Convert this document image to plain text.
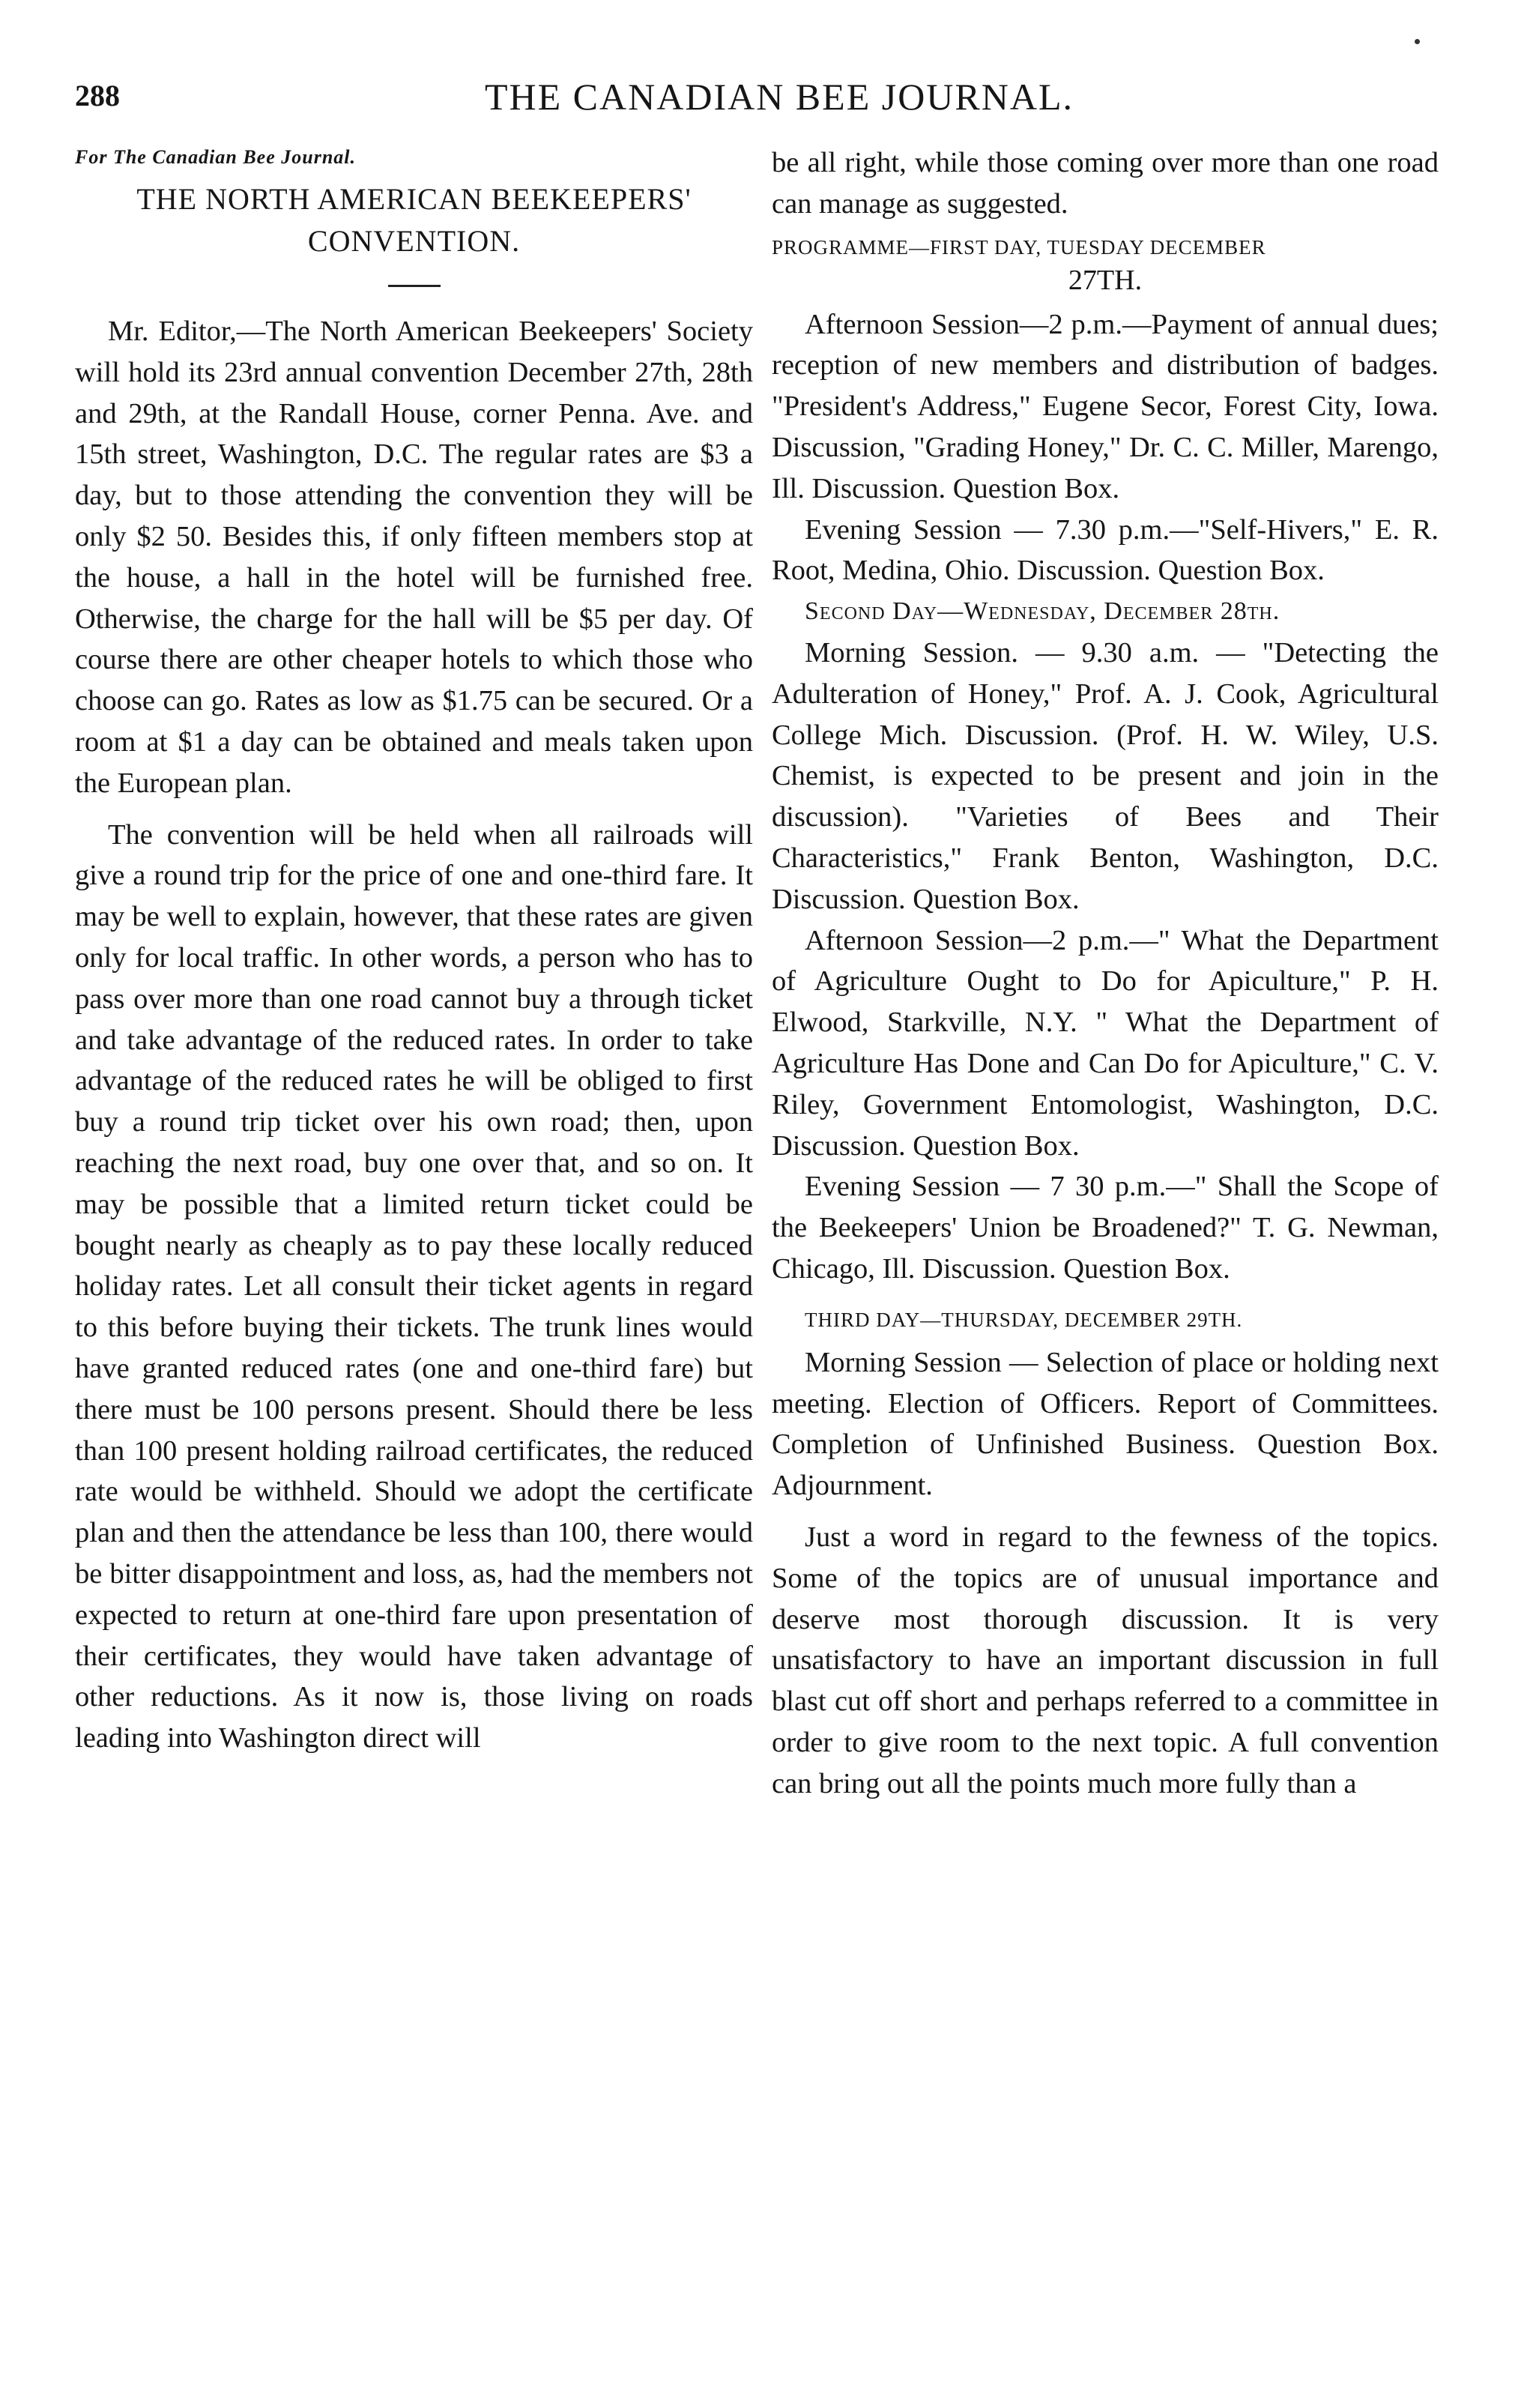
288	THE CANADIAN BEE JOURNAL.

For The Canadian Bee Journal.

THE NORTH AMERICAN BEEKEEPERS' CONVENTION.

Mr. Editor,—The North American Beekeepers' Society will hold its 23rd annual convention December 27th, 28th and 29th, at the Randall House, corner Penna. Ave. and 15th street, Washington, D.C. The regular rates are $3 a day, but to those attending the convention they will be only $2 50. Besides this, if only fifteen members stop at the house, a hall in the hotel will be furnished free. Otherwise, the charge for the hall will be $5 per day. Of course there are other cheaper hotels to which those who choose can go. Rates as low as $1.75 can be secured. Or a room at $1 a day can be obtained and meals taken upon the European plan.

The convention will be held when all railroads will give a round trip for the price of one and one-third fare. It may be well to explain, however, that these rates are given only for local traffic. In other words, a person who has to pass over more than one road cannot buy a through ticket and take advantage of the reduced rates. In order to take advantage of the reduced rates he will be obliged to first buy a round trip ticket over his own road; then, upon reaching the next road, buy one over that, and so on. It may be possible that a limited return ticket could be bought nearly as cheaply as to pay these locally reduced holiday rates. Let all consult their ticket agents in regard to this before buying their tickets. The trunk lines would have granted reduced rates (one and one-third fare) but there must be 100 persons present. Should there be less than 100 present holding railroad certificates, the reduced rate would be withheld. Should we adopt the certificate plan and then the attendance be less than 100, there would be bitter disappointment and loss, as, had the members not expected to return at one-third fare upon presentation of their certificates, they would have taken advantage of other reductions. As it now is, those living on roads leading into Washington direct will

be all right, while those coming over more than one road can manage as suggested.

PROGRAMME—FIRST DAY, TUESDAY DECEMBER

27TH.

Afternoon Session—2 p.m.—Payment of annual dues; reception of new members and distribution of badges. "President's Address," Eugene Secor, Forest City, Iowa. Discussion, "Grading Honey," Dr. C. C. Miller, Marengo, Ill. Discussion. Question Box.

Evening Session — 7.30 p.m.—"Self-Hivers," E. R. Root, Medina, Ohio. Discussion. Question Box.

Second Day—Wednesday, December 28th.

Morning Session. — 9.30 a.m. — "Detecting the Adulteration of Honey," Prof. A. J. Cook, Agricultural College Mich. Discussion. (Prof. H. W. Wiley, U.S. Chemist, is expected to be present and join in the discussion). "Varieties of Bees and Their Characteristics," Frank Benton, Washington, D.C. Discussion. Question Box.

Afternoon Session—2 p.m.—" What the Department of Agriculture Ought to Do for Apiculture," P. H. Elwood, Starkville, N.Y. " What the Department of Agriculture Has Done and Can Do for Apiculture," C. V. Riley, Government Entomologist, Washington, D.C. Discussion. Question Box.

Evening Session — 7 30 p.m.—" Shall the Scope of the Beekeepers' Union be Broadened?" T. G. Newman, Chicago, Ill. Discussion. Question Box.

THIRD DAY—THURSDAY, DECEMBER 29TH.

Morning Session — Selection of place or holding next meeting. Election of Officers. Report of Committees. Completion of Unfinished Business. Question Box. Adjournment.

Just a word in regard to the fewness of the topics. Some of the topics are of unusual importance and deserve most thorough discussion. It is very unsatisfactory to have an important discussion in full blast cut off short and perhaps referred to a committee in order to give room to the next topic. A full convention can bring out all the points much more fully than a
